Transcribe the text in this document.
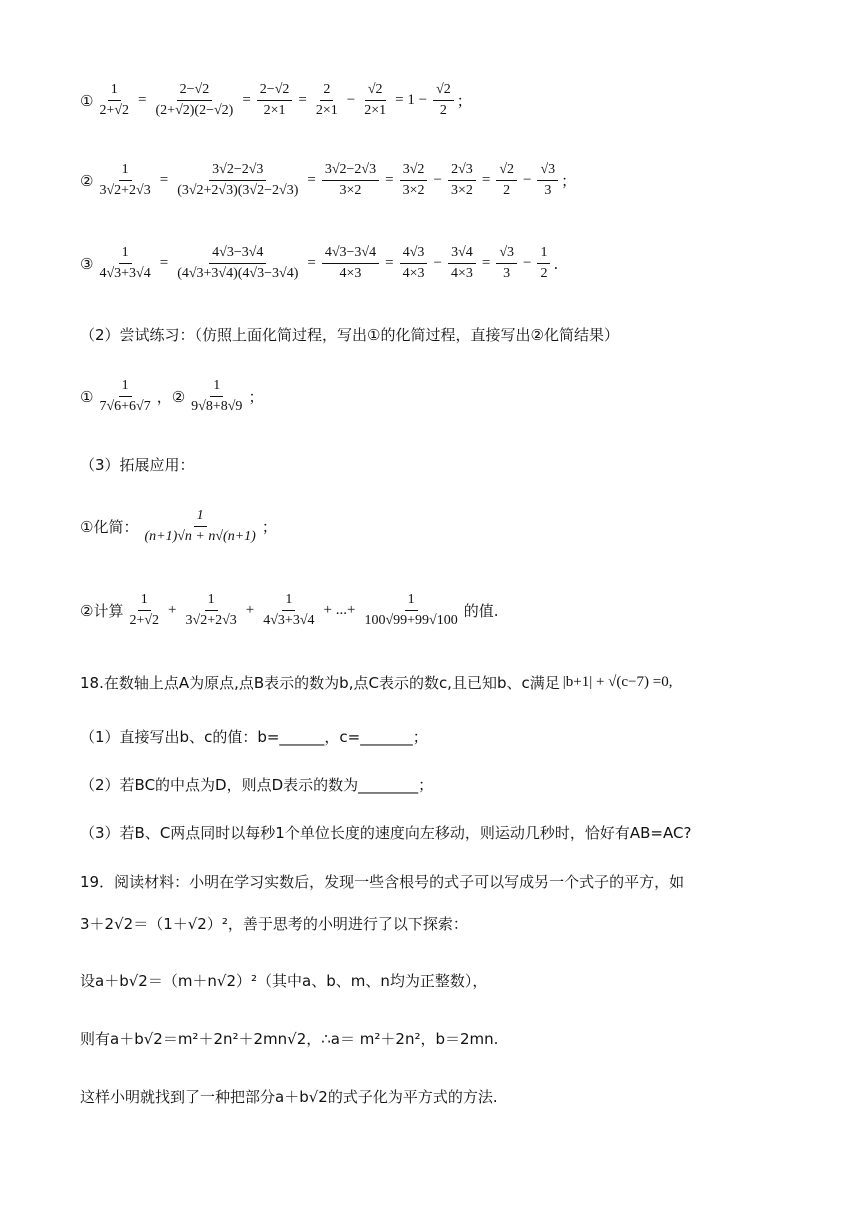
① $\frac{1}{2+√2} = \frac{2-√2}{(2+√2)(2-√2)} = \frac{2-√2}{2\times 1} = \frac{2}{2\times 1} - \frac{√2}{2\times 1} = 1 - \frac{√2}{2}$ ；
② $\frac{1}{3√2+2√3} = \frac{3√2-2√3}{(3√2+2√3)(3√2-2√3)} = \frac{3√2-2√3}{3\times 2} = \frac{3√2}{3\times 2} - \frac{2√3}{3\times 2} = \frac{√2}{2} - \frac{√3}{3}$ ；
③ $\frac{1}{4√3+3√4} = \frac{4√3-3√4}{(4√3+3√4)(4√3-3√4)} = \frac{4√3-3√4}{4\times 3} = \frac{4√3}{4\times 3} - \frac{3√4}{4\times 3} = \frac{√3}{3} - \frac{1}{2}$ .
（2）尝试练习：（仿照上面化简过程，写出①的化简过程，直接写出②化简结果）
① $\frac{1}{7√6+6√7}$ ，② $\frac{1}{9√8+8√9}$ ；
（3）拓展应用：
①化简： $\frac{1}{(n+1)√n + n√(n+1)}$ ；
②计算 $\frac{1}{2+√2} + \frac{1}{3√2+2√3} + \frac{1}{4√3+3√4}$ + ...+ $\frac{1}{100√99+99√100}$ 的值.
18.在数轴上点A为原点,点B表示的数为b,点C表示的数c,且已知b、c满足 |b+1| + √(c−7) =0,
（1）直接写出b、c的值：b=______，c=_______；
（2）若BC的中点为D，则点D表示的数为________；
（3）若B、C两点同时以每秒1个单位长度的速度向左移动，则运动几秒时，恰好有AB=AC?
19．阅读材料：小明在学习实数后，发现一些含根号的式子可以写成另一个式子的平方，如
3＋2√2＝（1＋√2）²，善于思考的小明进行了以下探索：
设a＋b√2＝（m＋n√2）²（其中a、b、m、n均为正整数），
则有a＋b√2＝m²＋2n²＋2mn√2，∴a＝ m²＋2n²，b＝2mn.
这样小明就找到了一种把部分a＋b√2的式子化为平方式的方法.
